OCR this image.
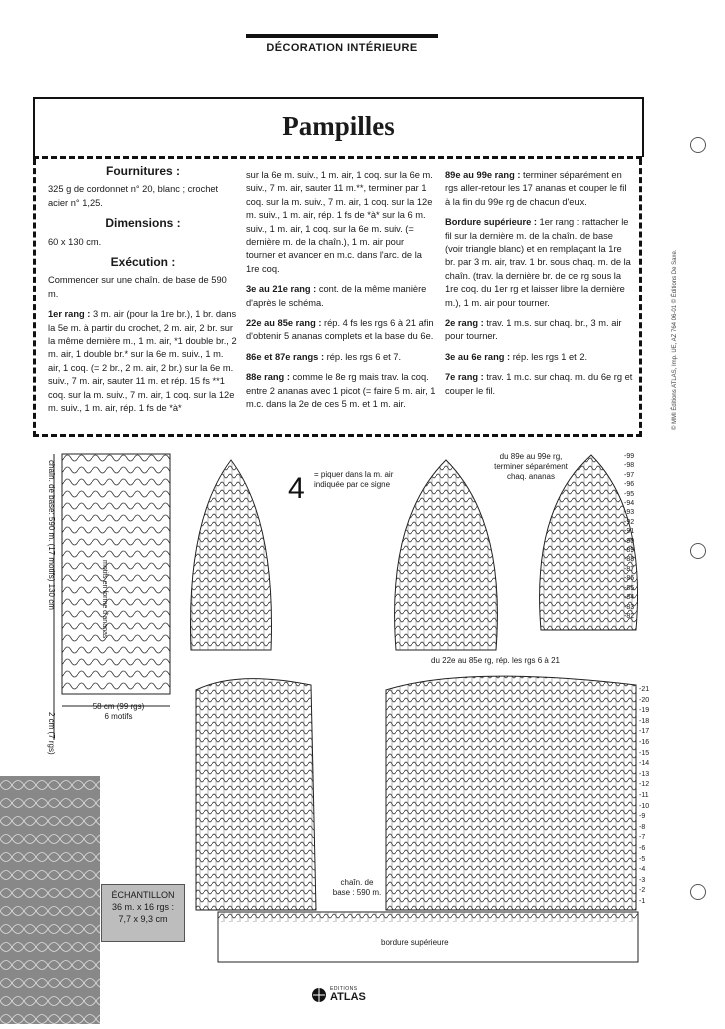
DÉCORATION INTÉRIEURE
Pampilles
Fournitures :

325 g de cordonnet n° 20, blanc ; crochet acier n° 1,25.

Dimensions :

60 x 130 cm.

Exécution :

Commencer sur une chaîn. de base de 590 m.

1er rang : 3 m. air (pour la 1re br.), 1 br. dans la 5e m. à partir du crochet, 2 m. air, 2 br. sur la même dernière m., 1 m. air, *1 double br., 2 m. air, 1 double br.* sur la 6e m. suiv., 1 m. air, 1 coq. (= 2 br., 2 m. air, 2 br.) sur la 6e m. suiv., 7 m. air, sauter 11 m. et rép. 15 fs **1 coq. sur la m. suiv., 7 m. air, 1 coq. sur la 12e m. suiv., 1 m. air, rép. 1 fs de *à*

sur la 6e m. suiv., 1 m. air, 1 coq. sur la 6e m. suiv., 7 m. air, sauter 11 m.**, terminer par 1 coq. sur la m. suiv., 7 m. air, 1 coq. sur la 12e m. suiv., 1 m. air, rép. 1 fs de *à* sur la 6 m. suiv., 1 m. air, 1 coq. sur la 6e m. suiv. (= dernière m. de la chaîn.), 1 m. air pour tourner et avancer en m.c. dans l'arc. de la 1re coq.

3e au 21e rang : cont. de la même manière d'après le schéma.

22e au 85e rang : rép. 4 fs les rgs 6 à 21 afin d'obtenir 5 ananas complets et la base du 6e.

86e et 87e rangs : rép. les rgs 6 et 7.

88e rang : comme le 8e rg mais trav. la coq. entre 2 ananas avec 1 picot (= faire 5 m. air, 1 m.c. dans la 2e de ces 5 m. et 1 m. air.

89e au 99e rang : terminer séparément en rgs aller-retour les 17 ananas et couper le fil à la fin du 99e rg de chacun d'eux.

Bordure supérieure : 1er rang : rattacher le fil sur la dernière m. de la chaîn. de base (voir triangle blanc) et en remplaçant la 1re br. par 3 m. air, trav. 1 br. sous chaq. m. de la chaîn. (trav. la dernière br. de ce rg sous la 1re coq. du 1er rg et laisser libre la dernière m.), 1 m. air pour tourner.

2e rang : trav. 1 m.s. sur chaq. br., 3 m. air pour tourner.

3e au 6e rang : rép. les rgs 1 et 2.

7e rang : trav. 1 m.c. sur chaq. m. du 6e rg et couper le fil.

4 = piquer dans la m. air indiquée par ce signe
du 89e au 99e rg, terminer séparément chaq. ananas
du 22e au 85e rg, rép. les rgs 6 à 21
chaîn. de base : 590 m.
bordure supérieure
58 cm (99 rgs)
6 motifs
chaîn. de base: 590 m. (17 motifs) 130 cm	motifs en forme d'ananas
2 cm (7 rgs)
-99
-98
-97
-96
-95
-94
-93
-92
-91
-90
-89
-88
-87
-86
-85
-84
-83
-82
-21
-20
-19
-18
-17
-16
-15
-14
-13
-12
-11
-10
-9
-8
-7
-6
-5
-4
-3
-2
-1
ÉCHANTILLON
36 m. x 16 rgs :
7,7 x 9,3 cm
EDITIONS
ATLAS
© MMI Éditions ATLAS, Imp. UE, AZ 764 06-01 © Éditions De Saxe.
